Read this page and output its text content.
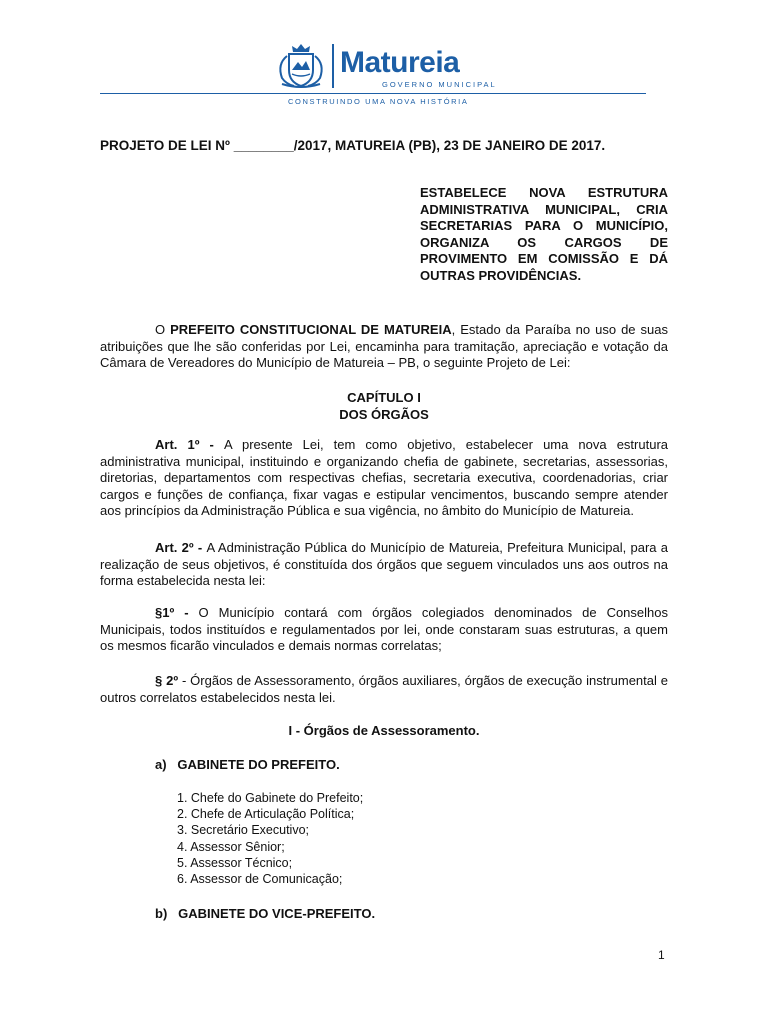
Matureia
GOVERNO MUNICIPAL
CONSTRUINDO UMA NOVA HISTÓRIA
PROJETO DE LEI Nº ________/2017, MATUREIA (PB), 23 DE JANEIRO DE 2017.
ESTABELECE NOVA ESTRUTURA ADMINISTRATIVA MUNICIPAL, CRIA SECRETARIAS PARA O MUNICÍPIO, ORGANIZA OS CARGOS DE PROVIMENTO EM COMISSÃO E DÁ OUTRAS PROVIDÊNCIAS.
O PREFEITO CONSTITUCIONAL DE MATUREIA, Estado da Paraíba no uso de suas atribuições que lhe são conferidas por Lei, encaminha para tramitação, apreciação e votação da Câmara de Vereadores do Município de Matureia – PB, o seguinte Projeto de Lei:
CAPÍTULO I
DOS ÓRGÃOS
Art. 1º - A presente Lei, tem como objetivo, estabelecer uma nova estrutura administrativa municipal, instituindo e organizando chefia de gabinete, secretarias, assessorias, diretorias, departamentos com respectivas chefias, secretaria executiva, coordenadorias, criar cargos e funções de confiança, fixar vagas e estipular vencimentos, buscando sempre atender aos princípios da Administração Pública e sua vigência, no âmbito do Município de Matureia.
Art. 2º - A Administração Pública do Município de Matureia, Prefeitura Municipal, para a realização de seus objetivos, é constituída dos órgãos que seguem vinculados uns aos outros na forma estabelecida nesta lei:
§1º - O Município contará com órgãos colegiados denominados de Conselhos Municipais, todos instituídos e regulamentados por lei, onde constaram suas estruturas, a quem os mesmos ficarão vinculados e demais normas correlatas;
§ 2º - Órgãos de Assessoramento, órgãos auxiliares, órgãos de execução instrumental e outros correlatos estabelecidos nesta lei.
I - Órgãos de Assessoramento.
a) GABINETE DO PREFEITO.
1. Chefe do Gabinete do Prefeito;
2. Chefe de Articulação Política;
3. Secretário Executivo;
4. Assessor Sênior;
5. Assessor Técnico;
6. Assessor de Comunicação;
b) GABINETE DO VICE-PREFEITO.
1
